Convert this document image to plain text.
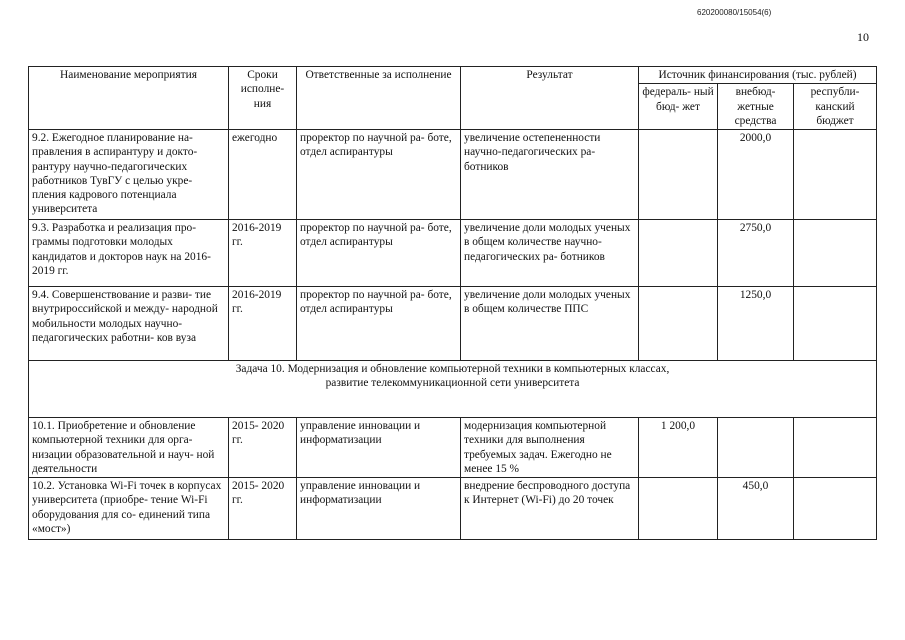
620200080/15054(6)
10
Наименование мероприятия	Сроки исполне- ния	Ответственные за исполнение	Результат	Источник финансирования (тыс. рублей)		
				федераль- ный бюд- жет	внебюд- жетные средства	республи- канский бюджет
9.2. Ежегодное планирование на- правления в аспирантуру и докто- рантуру научно-педагогических работников ТувГУ с целью укре- пления кадрового потенциала университета	ежегодно	проректор по научной ра- боте, отдел аспирантуры	увеличение остепененности научно-педагогических ра- ботников		2000,0	
9.3. Разработка и реализация про- граммы подготовки молодых кандидатов и докторов наук на 2016-2019 гг.	2016-2019 гг.	проректор по научной ра- боте, отдел аспирантуры	увеличение доли молодых ученых в общем количестве научно-педагогических ра- ботников		2750,0	
9.4. Совершенствование и разви- тие внутрироссийской и между- народной мобильности молодых научно-педагогических работни- ков вуза	2016-2019 гг.	проректор по научной ра- боте, отдел аспирантуры	увеличение доли молодых ученых в общем количестве ППС		1250,0	

Задача 10. Модернизация и обновление компьютерной техники в компьютерных классах,
развитие телекоммуникационной сети университета						

10.1. Приобретение и обновление компьютерной техники для орга- низации образовательной и науч- ной деятельности	2015- 2020 гг.	управление инновации и информатизации	модернизация компьютерной техники для выполнения требуемых задач. Ежегодно не менее 15 %	1 200,0		
10.2. Установка Wi-Fi точек в корпусах университета (приобре- тение Wi-Fi оборудования для со- единений типа «мост»)	2015- 2020 гг.	управление инновации и информатизации	внедрение беспроводного доступа к Интернет (Wi-Fi) до 20 точек		450,0	
